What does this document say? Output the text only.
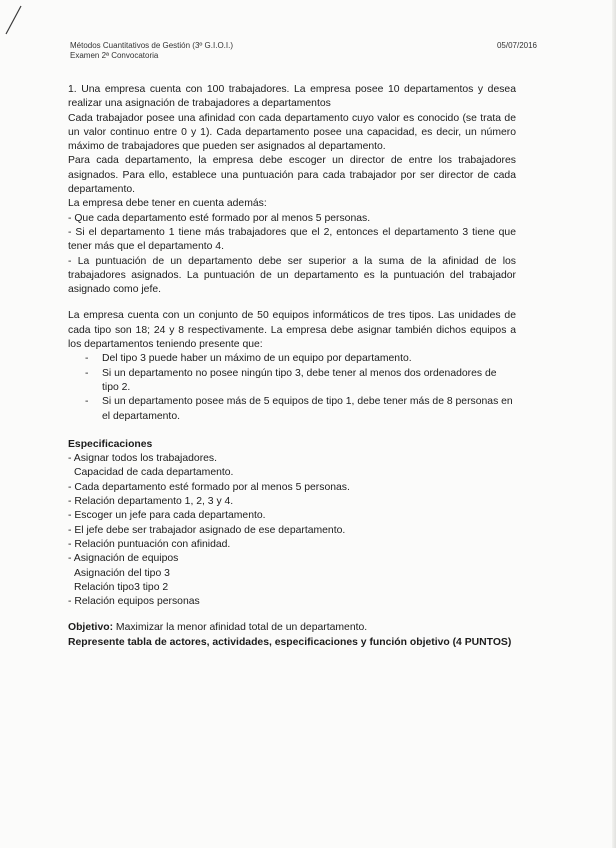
Métodos Cuantitativos de Gestión (3º G.I.O.I.)
Examen 2ª Convocatoria
05/07/2016

1. Una empresa cuenta con 100 trabajadores. La empresa posee 10 departamentos y desea realizar una asignación de trabajadores a departamentos

Cada trabajador posee una afinidad con cada departamento cuyo valor es conocido (se trata de un valor continuo entre 0 y 1). Cada departamento posee una capacidad, es decir, un número máximo de trabajadores que pueden ser asignados al departamento.

Para cada departamento, la empresa debe escoger un director de entre los trabajadores asignados. Para ello, establece una puntuación para cada trabajador por ser director de cada departamento.

La empresa debe tener en cuenta además:

- Que cada departamento esté formado por al menos 5 personas.

- Si el departamento 1 tiene más trabajadores que el 2, entonces el departamento 3 tiene que tener más que el departamento 4.

- La puntuación de un departamento debe ser superior a la suma de la afinidad de los trabajadores asignados. La puntuación de un departamento es la puntuación del trabajador asignado como jefe.

La empresa cuenta con un conjunto de 50 equipos informáticos de tres tipos. Las unidades de cada tipo son 18; 24 y 8 respectivamente. La empresa debe asignar también dichos equipos a los departamentos teniendo presente que:

- Del tipo 3 puede haber un máximo de un equipo por departamento.
- Si un departamento no posee ningún tipo 3, debe tener al menos dos ordenadores de tipo 2.
- Si un departamento posee más de 5 equipos de tipo 1, debe tener más de 8 personas en el departamento.

Especificaciones

- Asignar todos los trabajadores.

Capacidad de cada departamento.

- Cada departamento esté formado por al menos 5 personas.

- Relación departamento 1, 2, 3 y 4.

- Escoger un jefe para cada departamento.

- El jefe debe ser trabajador asignado de ese departamento.

- Relación puntuación con afinidad.

- Asignación de equipos

Asignación del tipo 3

Relación tipo3 tipo 2

- Relación equipos personas

Objetivo: Maximizar la menor afinidad total de un departamento.

Represente tabla de actores, actividades, especificaciones y función objetivo (4 PUNTOS)
